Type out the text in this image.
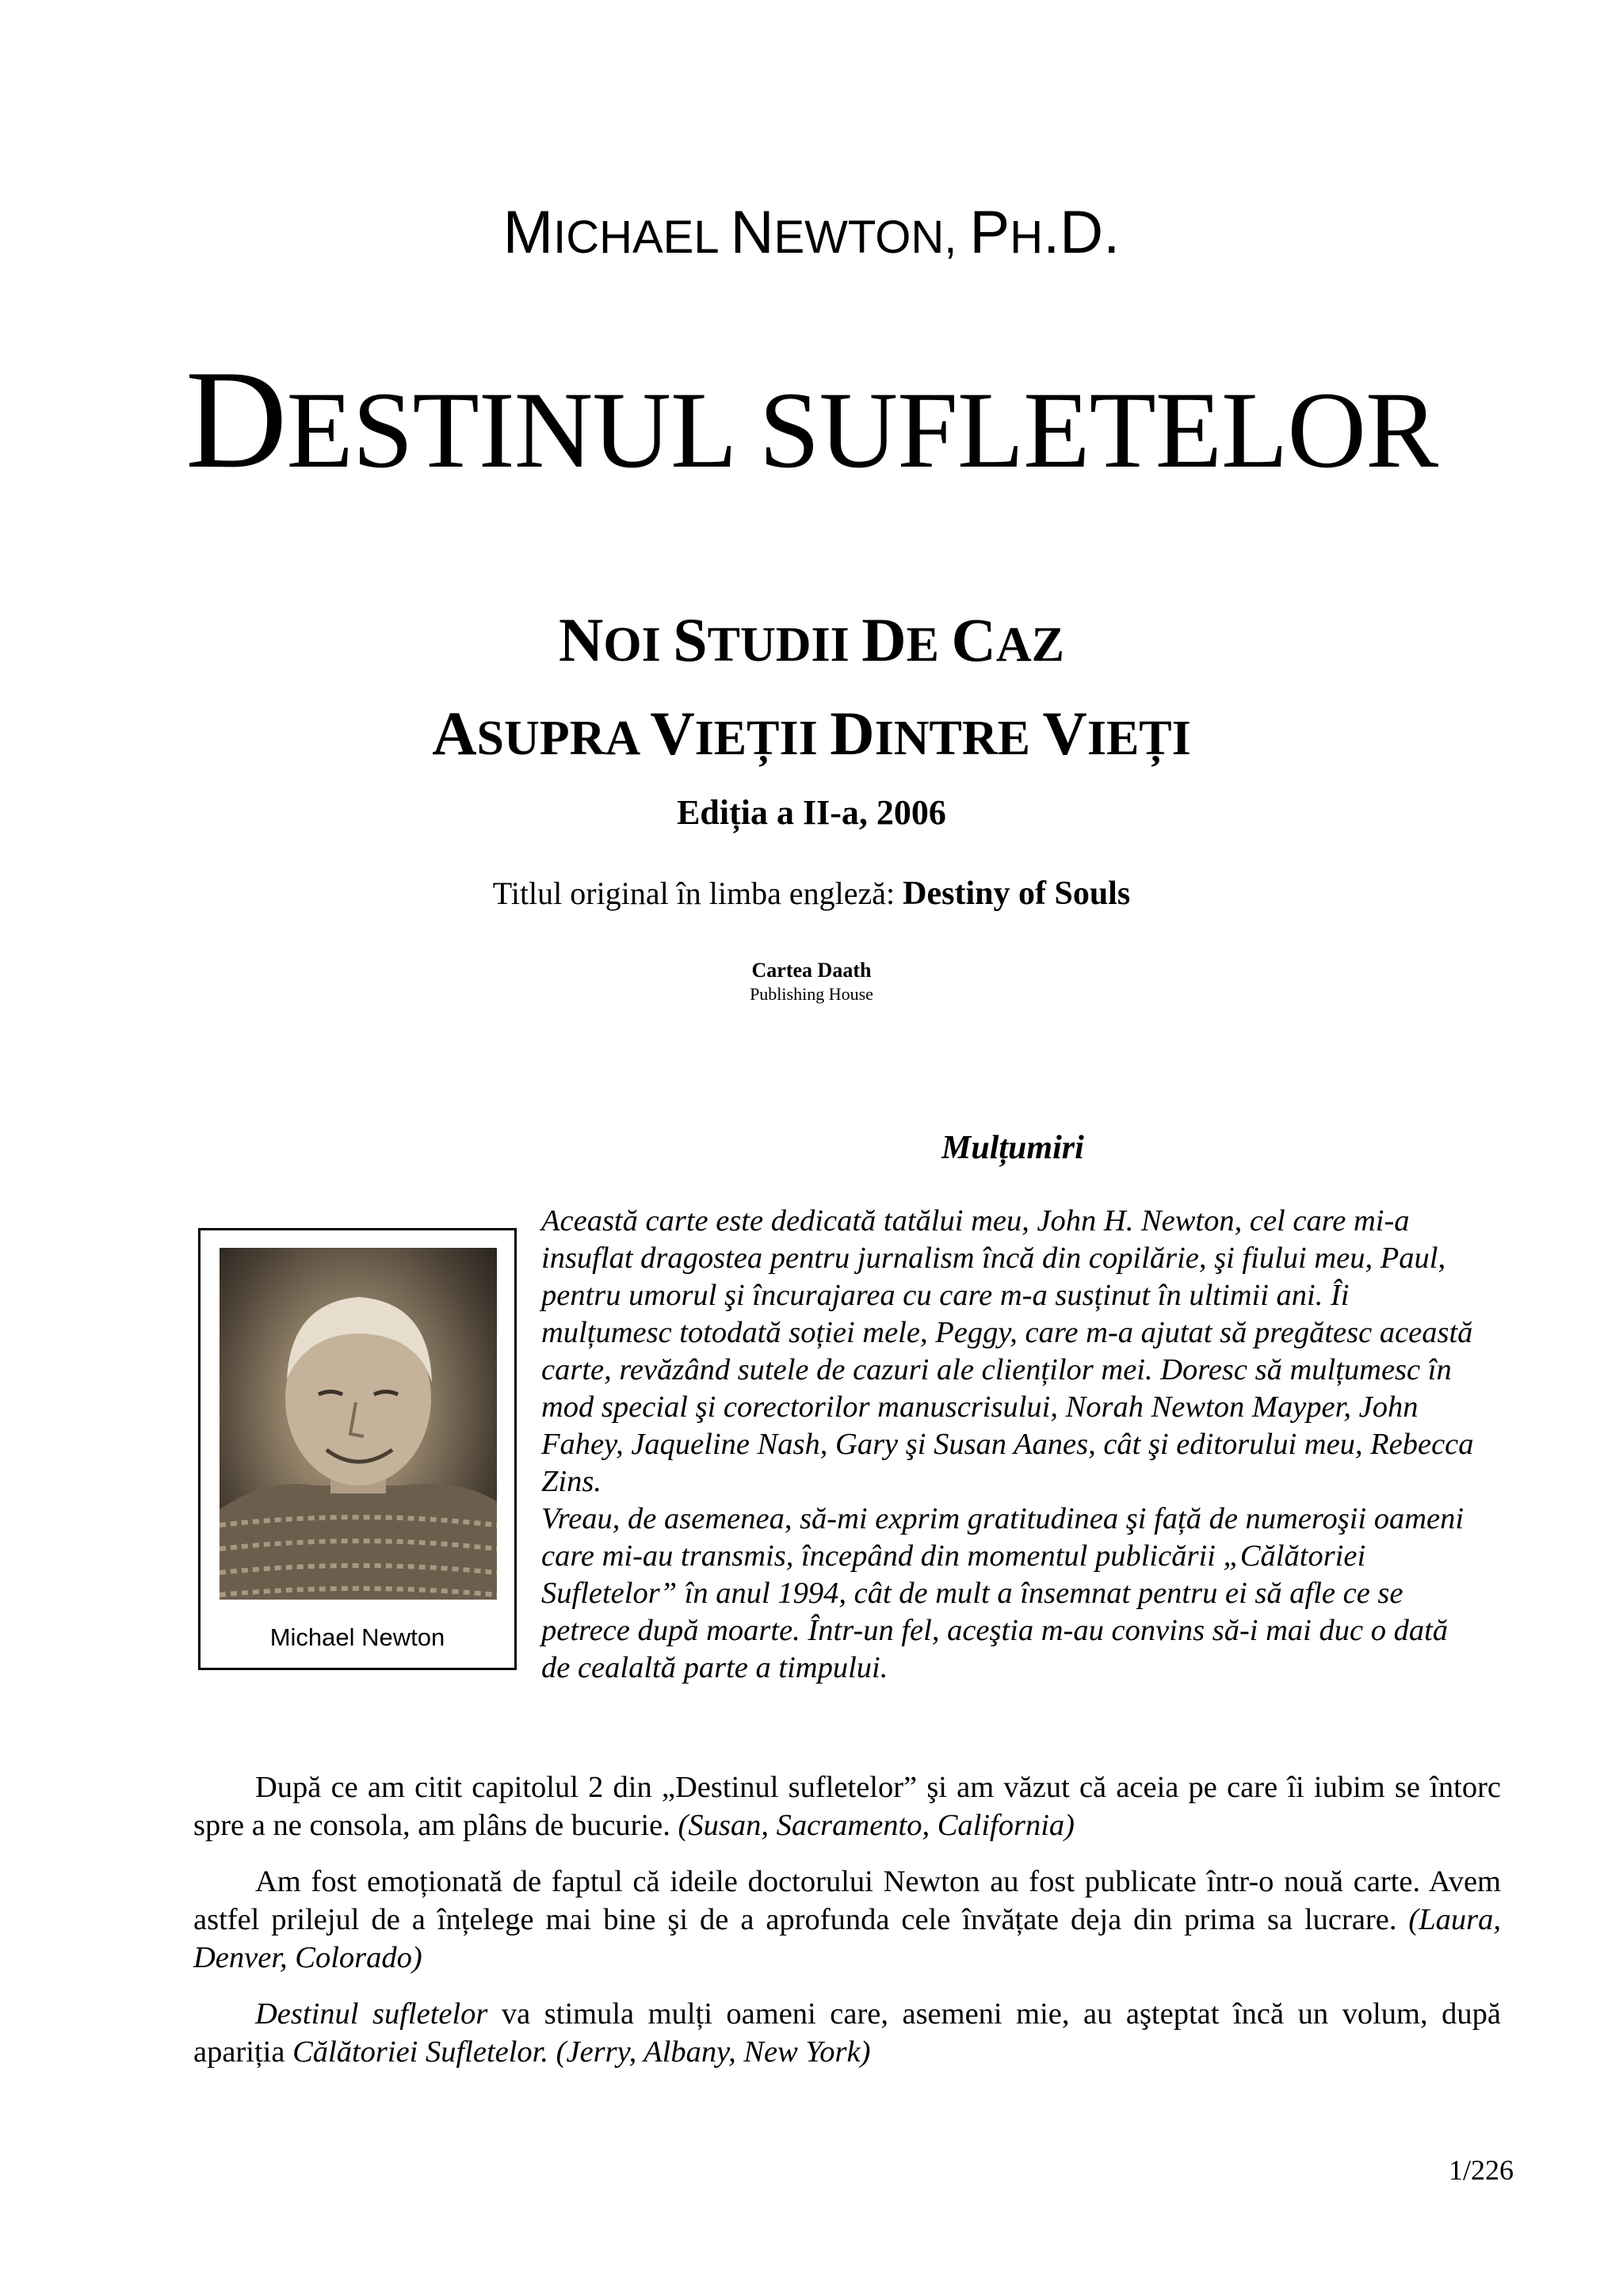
MICHAEL NEWTON, PH.D.
DESTINUL SUFLETELOR
NOI STUDII DE CAZ
ASUPRA VIEȚII DINTRE VIEȚI
Ediția a II-a, 2006
Titlul original în limba engleză: Destiny of Souls
Cartea Daath
Publishing House
Mulțumiri
Michael Newton

Această carte este dedicată tatălui meu, John H. Newton, cel care mi-a insuflat dragostea pentru jurnalism încă din copilărie, şi fiului meu, Paul, pentru umorul şi încurajarea cu care m-a susținut în ultimii ani. Îi mulțumesc totodată soției mele, Peggy, care m-a ajutat să pregătesc această carte, revăzând sutele de cazuri ale clienților mei. Doresc să mulțumesc în mod special şi corectorilor manuscrisului, Norah Newton Mayper, John Fahey, Jaqueline Nash, Gary şi Susan Aanes, cât şi editorului meu, Rebecca Zins.

Vreau, de asemenea, să-mi exprim gratitudinea şi față de numeroşii oameni care mi-au transmis, începând din momentul publicării „Călătoriei Sufletelor” în anul 1994, cât de mult a însemnat pentru ei să afle ce se petrece după moarte. Într-un fel, aceştia m-au convins să-i mai duc o dată de cealaltă parte a timpului.

După ce am citit capitolul 2 din „Destinul sufletelor” şi am văzut că aceia pe care îi iubim se întorc spre a ne consola, am plâns de bucurie. (Susan, Sacramento, California)

Am fost emoționată de faptul că ideile doctorului Newton au fost publicate într-o nouă carte. Avem astfel prilejul de a înțelege mai bine şi de a aprofunda cele învățate deja din prima sa lucrare. (Laura, Denver, Colorado)

Destinul sufletelor va stimula mulți oameni care, asemeni mie, au aşteptat încă un volum, după apariția Călătoriei Sufletelor. (Jerry, Albany, New York)

1/226
